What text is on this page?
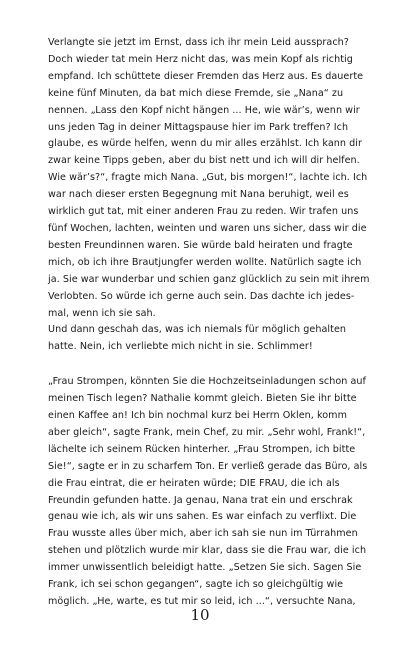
Verlangte sie jetzt im Ernst, dass ich ihr mein Leid aussprach?
Doch wieder tat mein Herz nicht das, was mein Kopf als richtig
empfand. Ich schüttete dieser Fremden das Herz aus. Es dauerte
keine fünf Minuten, da bat mich diese Fremde, sie „Nana“ zu
nennen. „Lass den Kopf nicht hängen ... He, wie wär’s, wenn wir
uns jeden Tag in deiner Mittagspause hier im Park treffen? Ich
glaube, es würde helfen, wenn du mir alles erzählst. Ich kann dir
zwar keine Tipps geben, aber du bist nett und ich will dir helfen.
Wie wär’s?“, fragte mich Nana. „Gut, bis morgen!“, lachte ich. Ich
war nach dieser ersten Begegnung mit Nana beruhigt, weil es
wirklich gut tat, mit einer anderen Frau zu reden. Wir trafen uns
fünf Wochen, lachten, weinten und waren uns sicher, dass wir die
besten Freundinnen waren. Sie würde bald heiraten und fragte
mich, ob ich ihre Brautjungfer werden wollte. Natürlich sagte ich
ja. Sie war wunderbar und schien ganz glücklich zu sein mit ihrem
Verlobten. So würde ich gerne auch sein. Das dachte ich jedes-
mal, wenn ich sie sah.
Und dann geschah das, was ich niemals für möglich gehalten
hatte. Nein, ich verliebte mich nicht in sie. Schlimmer!
„Frau Strompen, könnten Sie die Hochzeitseinladungen schon auf
meinen Tisch legen? Nathalie kommt gleich. Bieten Sie ihr bitte
einen Kaffee an! Ich bin nochmal kurz bei Herrn Oklen, komm
aber gleich“, sagte Frank, mein Chef, zu mir. „Sehr wohl, Frank!“,
lächelte ich seinem Rücken hinterher. „Frau Strompen, ich bitte
Sie!“, sagte er in zu scharfem Ton. Er verließ gerade das Büro, als
die Frau eintrat, die er heiraten würde; DIE FRAU, die ich als
Freundin gefunden hatte. Ja genau, Nana trat ein und erschrak
genau wie ich, als wir uns sahen. Es war einfach zu verflixt. Die
Frau wusste alles über mich, aber ich sah sie nun im Türrahmen
stehen und plötzlich wurde mir klar, dass sie die Frau war, die ich
immer unwissentlich beleidigt hatte. „Setzen Sie sich. Sagen Sie
Frank, ich sei schon gegangen“, sagte ich so gleichgültig wie
möglich. „He, warte, es tut mir so leid, ich ...“, versuchte Nana,
10
